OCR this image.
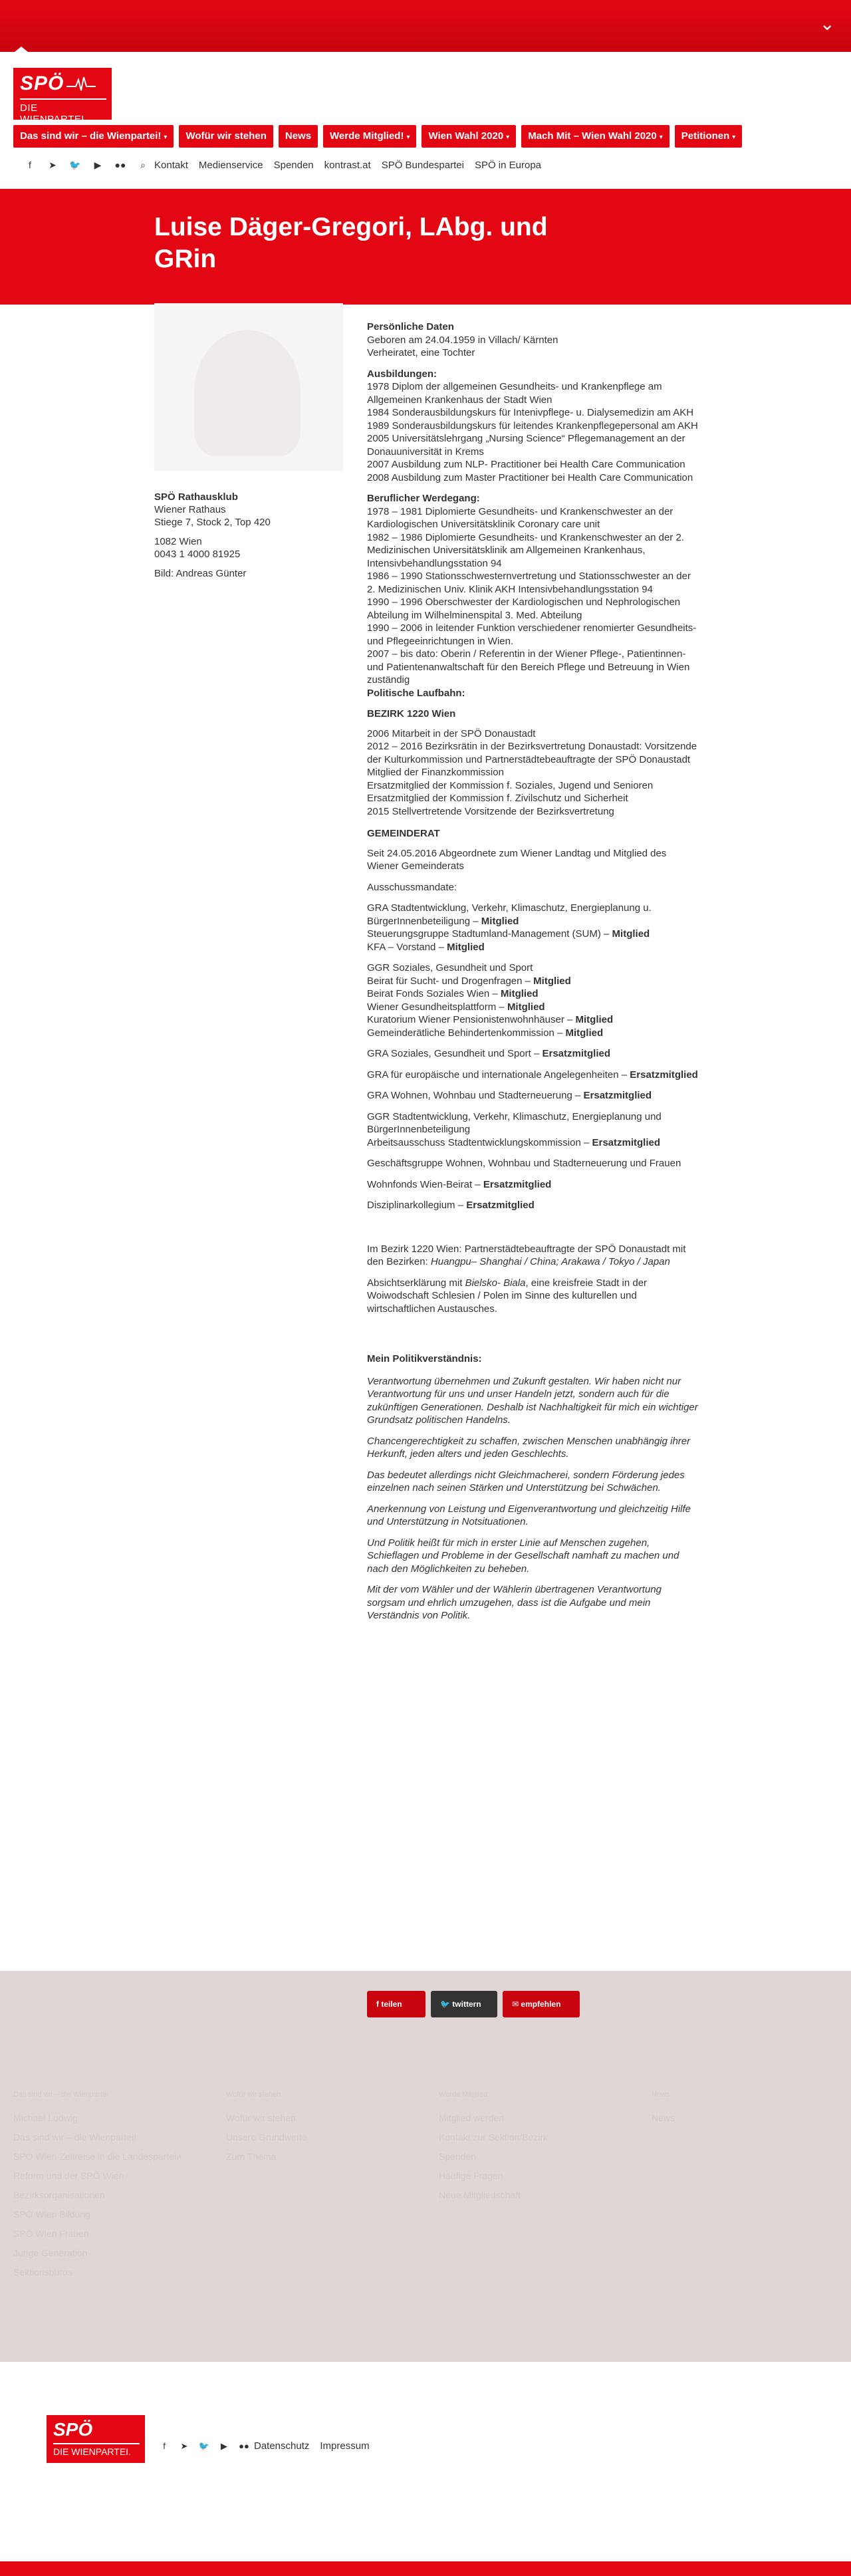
⌄
SPÖ
DIE WIENPARTEI.
Das sind wir – die Wienpartei! ▾	Wofür wir stehen	News	Werde Mitglied! ▾	Wien Wahl 2020 ▾	Mach Mit – Wien Wahl 2020 ▾	Petitionen ▾
f	➤	🐦	▶	●●	⌕ Kontakt Medienservice Spenden kontrast.at SPÖ Bundespartei SPÖ in Europa
Luise Däger-Gregori, LAbg. und GRin

SPÖ Rathausklub

Wiener Rathaus

Stiege 7, Stock 2, Top 420

1082 Wien

0043 1 4000 81925

Bild: Andreas Günter

Persönliche Daten
Geboren am 24.04.1959 in Villach/ Kärnten
Verheiratet, eine Tochter
Ausbildungen:
1978 Diplom der allgemeinen Gesundheits- und Krankenpflege am Allgemeinen Krankenhaus der Stadt Wien
1984 Sonderausbildungskurs für Intenivpflege- u. Dialysemedizin am AKH
1989 Sonderausbildungskurs für leitendes Krankenpflegepersonal am AKH
2005 Universitätslehrgang „Nursing Science“ Pflegemanagement an der Donauuniversität in Krems
2007 Ausbildung zum NLP- Practitioner bei Health Care Communication
2008 Ausbildung zum Master Practitioner bei Health Care Communication
Beruflicher Werdegang:
1978 – 1981 Diplomierte Gesundheits- und Krankenschwester an der Kardiologischen Universitätsklinik Coronary care unit
1982 – 1986 Diplomierte Gesundheits- und Krankenschwester an der 2. Medizinischen Universitätsklinik am Allgemeinen Krankenhaus, Intensivbehandlungsstation 94
1986 – 1990 Stationsschwesternvertretung und Stationsschwester an der 2. Medizinischen Univ. Klinik AKH Intensivbehandlungsstation 94
1990 – 1996 Oberschwester der Kardiologischen und Nephrologischen Abteilung im Wilhelminenspital 3. Med. Abteilung
1990 – 2006 in leitender Funktion verschiedener renomierter Gesundheits- und Pflegeeinrichtungen in Wien.
2007 – bis dato: Oberin / Referentin in der Wiener Pflege-, Patientinnen- und Patientenanwaltschaft für den Bereich Pflege und Betreuung in Wien zuständig
Politische Laufbahn:
BEZIRK 1220 Wien
2006 Mitarbeit in der SPÖ Donaustadt
2012 – 2016 Bezirksrätin in der Bezirksvertretung Donaustadt: Vorsitzende der Kulturkommission und Partnerstädtebeauftragte der SPÖ Donaustadt
Mitglied der Finanzkommission
Ersatzmitglied der Kommission f. Soziales, Jugend und Senioren
Ersatzmitglied der Kommission f. Zivilschutz und Sicherheit
2015 Stellvertretende Vorsitzende der Bezirksvertretung
GEMEINDERAT
Seit 24.05.2016 Abgeordnete zum Wiener Landtag und Mitglied des Wiener Gemeinderats
Ausschussmandate:
GRA Stadtentwicklung, Verkehr, Klimaschutz, Energieplanung u. BürgerInnenbeteiligung – Mitglied
Steuerungsgruppe Stadtumland-Management (SUM) – Mitglied
KFA – Vorstand – Mitglied
GGR Soziales, Gesundheit und Sport
Beirat für Sucht- und Drogenfragen – Mitglied
Beirat Fonds Soziales Wien – Mitglied
Wiener Gesundheitsplattform – Mitglied
Kuratorium Wiener Pensionistenwohnhäuser – Mitglied
Gemeinderätliche Behindertenkommission – Mitglied
GRA Soziales, Gesundheit und Sport – Ersatzmitglied
GRA für europäische und internationale Angelegenheiten – Ersatzmitglied
GRA Wohnen, Wohnbau und Stadterneuerung – Ersatzmitglied
GGR Stadtentwicklung, Verkehr, Klimaschutz, Energieplanung und BürgerInnenbeteiligung
Arbeitsausschuss Stadtentwicklungskommission – Ersatzmitglied
Geschäftsgruppe Wohnen, Wohnbau und Stadterneuerung und Frauen
Wohnfonds Wien-Beirat – Ersatzmitglied
Disziplinarkollegium – Ersatzmitglied
Im Bezirk 1220 Wien: Partnerstädtebeauftragte der SPÖ Donaustadt mit den Bezirken: Huangpu– Shanghai / China; Arakawa / Tokyo / Japan
Absichtserklärung mit Bielsko- Biala, eine kreisfreie Stadt in der Woiwodschaft Schlesien / Polen im Sinne des kulturellen und wirtschaftlichen Austausches.
Mein Politikverständnis:
Verantwortung übernehmen und Zukunft gestalten. Wir haben nicht nur Verantwortung für uns und unser Handeln jetzt, sondern auch für die zukünftigen Generationen. Deshalb ist Nachhaltigkeit für mich ein wichtiger Grundsatz politischen Handelns.
Chancengerechtigkeit zu schaffen, zwischen Menschen unabhängig ihrer Herkunft, jeden alters und jeden Geschlechts.
Das bedeutet allerdings nicht Gleichmacherei, sondern Förderung jedes einzelnen nach seinen Stärken und Unterstützung bei Schwächen.
Anerkennung von Leistung und Eigenverantwortung und gleichzeitig Hilfe und Unterstützung in Notsituationen.
Und Politik heißt für mich in erster Linie auf Menschen zugehen, Schieflagen und Probleme in der Gesellschaft namhaft zu machen und nach den Möglichkeiten zu beheben.
Mit der vom Wähler und der Wählerin übertragenen Verantwortung sorgsam und ehrlich umzugehen, dass ist die Aufgabe und mein Verständnis von Politik.
f teilen	🐦 twittern	✉ empfehlen
Das sind wir – die Wienpartei
Michael Ludwig
Das sind wir – die Wienpartei!
SPÖ Wien Zeitreise in die Landesparteiи
Reform und der SPÖ Wien
Bezirksorganisationen
SPÖ Wien Bildung
SPÖ Wien Frauen
Junge Generation
Sektionsbüros
Wofür wir stehen
Wofür wir stehen
Unsere Grundwerte
Zum Thema
Werde Mitglied
Mitglied werden
Kontakt zur Sektion/Bezirk
Spenden
Häufige Fragen
Neue Mitgliedschaft
News
News
SPÖ
DIE WIENPARTEI.
f	➤	🐦	▶	●● Datenschutz Impressum
